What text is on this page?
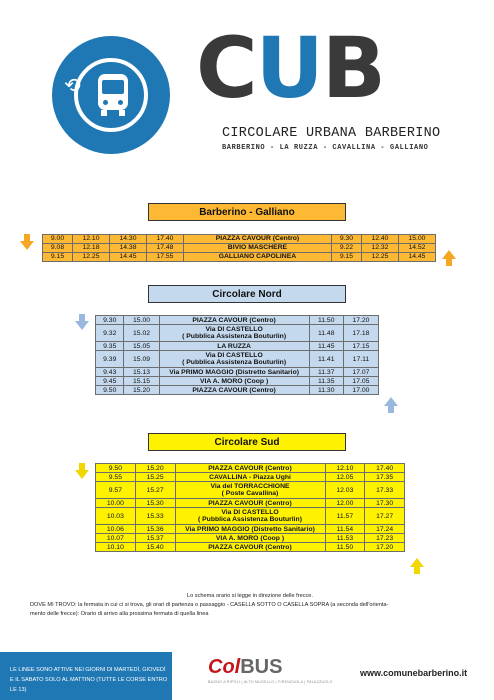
⟲ CUB
CIRCOLARE URBANA BARBERINO
BARBERINO - LA RUZZA - CAVALLINA - GALLIANO
Barberino - Galliano
9.00	12.10	14.30	17.40	PIAZZA CAVOUR (Centro)	9.30	12.40	15.00
9.08	12.18	14.38	17.48	BIVIO MASCHERE	9.22	12.32	14.52
9.15	12.25	14.45	17.55	GALLIANO CAPOLINEA	9.15	12.25	14.45
Circolare Nord
9.30	15.00	PIAZZA CAVOUR (Centro)	11.50	17.20
9.32	15.02	Via DI CASTELLO
( Pubblica Assistenza Bouturlin)	11.48	17.18
9.35	15.05	LA RUZZA	11.45	17.15
9.39	15.09	Via DI CASTELLO
( Pubblica Assistenza Bouturlin)	11.41	17.11
9.43	15.13	Via PRIMO MAGGIO (Distretto Sanitario)	11.37	17.07
9.45	15.15	VIA A. MORO (Coop )	11.35	17.05
9.50	15.20	PIAZZA CAVOUR (Centro)	11.30	17.00
Circolare Sud
9.50	15.20	PIAZZA CAVOUR (Centro)	12.10	17.40
9.55	15.25	CAVALLINA - Piazza Ughi	12.05	17.35
9.57	15.27	Via del TORRACCHIONE
( Poste Cavallina)	12.03	17.33
10.00	15.30	PIAZZA CAVOUR (Centro)	12.00	17.30
10.03	15.33	Via DI CASTELLO
( Pubblica Assistenza Bouturlin)	11.57	17.27
10.06	15.36	Via PRIMO MAGGIO (Distretto Sanitario)	11.54	17.24
10.07	15.37	VIA A. MORO (Coop )	11.53	17.23
10.10	15.40	PIAZZA CAVOUR (Centro)	11.50	17.20
Lo schema orario si legge in direzione delle frecce.
DOVE MI TROVO: la fermata in cui ci si trova, gli orari di partenza o passaggio - CASELLA SOTTO O CASELLA SOPRA (a seconda dell'orienta-
mento delle frecce): Orario di arrivo alla prossima fermata di quella linea
LE LINEE SONO ATTIVE NEI GIORNI DI MARTEDÌ, GIOVEDÌ
E IL SABATO SOLO AL MATTINO (TUTTE LE CORSE ENTRO LE 13)
ColBUS
BAGNO A RIPOLI | ALTO MUGELLO | FIRENZUOLA | PALAZZUOLO
www.comunebarberino.it
